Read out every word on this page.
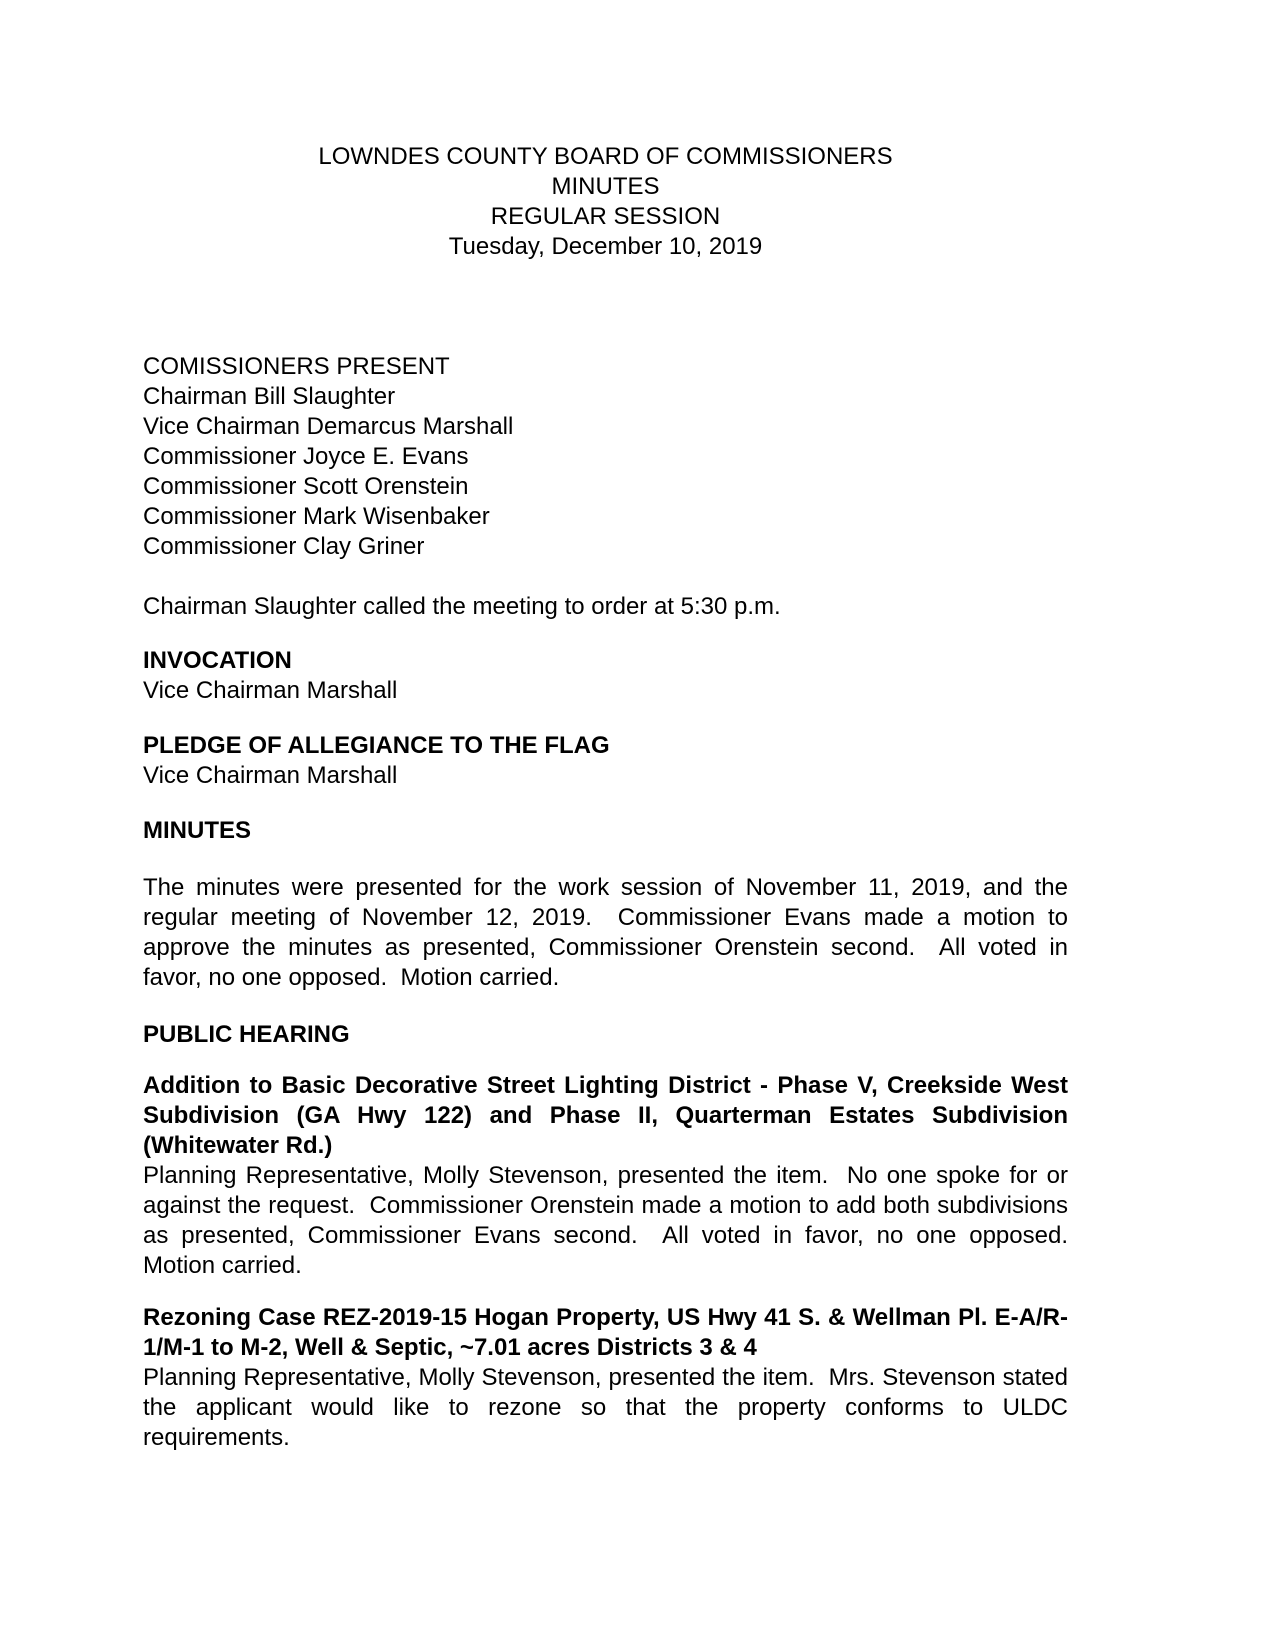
LOWNDES COUNTY BOARD OF COMMISSIONERS
MINUTES
REGULAR SESSION
Tuesday, December 10, 2019
COMISSIONERS PRESENT
Chairman Bill Slaughter
Vice Chairman Demarcus Marshall
Commissioner Joyce E. Evans
Commissioner Scott Orenstein
Commissioner Mark Wisenbaker
Commissioner Clay Griner
Chairman Slaughter called the meeting to order at 5:30 p.m.
INVOCATION
Vice Chairman Marshall
PLEDGE OF ALLEGIANCE TO THE FLAG
Vice Chairman Marshall
MINUTES

The minutes were presented for the work session of November 11, 2019, and the regular meeting of November 12, 2019.  Commissioner Evans made a motion to approve the minutes as presented, Commissioner Orenstein second.  All voted in favor, no one opposed.  Motion carried.

PUBLIC HEARING
Addition to Basic Decorative Street Lighting District - Phase V, Creekside West Subdivision (GA Hwy 122) and Phase II, Quarterman Estates Subdivision (Whitewater Rd.)

Planning Representative, Molly Stevenson, presented the item.  No one spoke for or against the request.  Commissioner Orenstein made a motion to add both subdivisions as presented, Commissioner Evans second.  All voted in favor, no one opposed.  Motion carried.

Rezoning Case REZ-2019-15 Hogan Property, US Hwy 41 S. & Wellman Pl. E-A/R-1/M-1 to M-2, Well & Septic, ~7.01 acres Districts 3 & 4

Planning Representative, Molly Stevenson, presented the item.  Mrs. Stevenson stated the applicant would like to rezone so that the property conforms to ULDC requirements.
